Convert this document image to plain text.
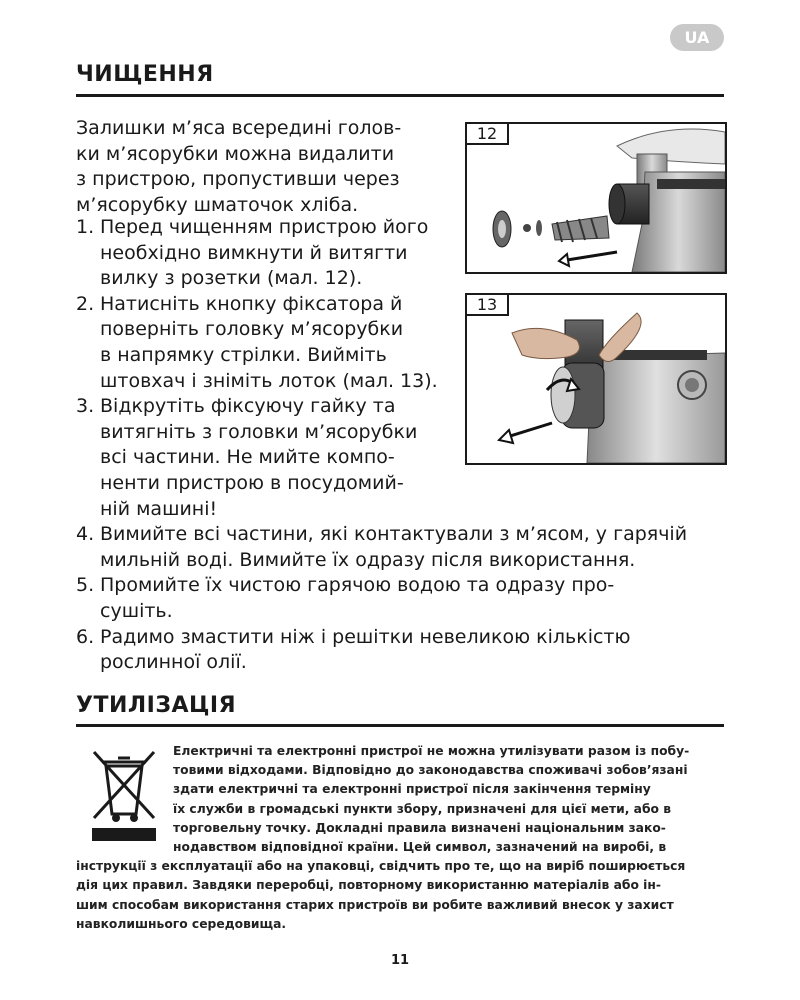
UA
ЧИЩЕННЯ
Залишки м’яса всередині голов-
ки м’ясорубки можна видалити
з пристрою, пропустивши через
м’ясорубку шматочок хліба.
1. Перед чищенням пристрою його
необхідно вимкнути й витягти
вилку з розетки (мал. 12).
2. Натисніть кнопку фіксатора й
поверніть головку м’ясорубки
в напрямку стрілки. Вийміть
штовхач і зніміть лоток (мал. 13).
3. Відкрутіть фіксуючу гайку та
витягніть з головки м’ясорубки
всі частини. Не мийте компо-
ненти пристрою в посудомий-
ній машині!
4. Вимийте всі частини, які контактували з м’ясом, у гарячій
мильній воді. Вимийте їх одразу після використання.
5. Промийте їх чистою гарячою водою та одразу про-
сушіть.
6. Радимо змастити ніж і решітки невеликою кількістю
рослинної олії.
12
13
УТИЛІЗАЦІЯ
Електричні та електронні пристрої не можна утилізувати разом із побу-
товими відходами. Відповідно до законодавства споживачі зобов’язані
здати електричні та електронні пристрої після закінчення терміну
їх служби в громадські пункти збору, призначені для цієї мети, або в
торговельну точку. Докладні правила визначені національним зако-
нодавством відповідної країни. Цей символ, зазначений на виробі, в
інструкції з експлуатації або на упаковці, свідчить про те, що на виріб поширюється
дія цих правил. Завдяки переробці, повторному використанню матеріалів або ін-
шим способам використання старих пристроїв ви робите важливий внесок у захист
навколишнього середовища.
11
